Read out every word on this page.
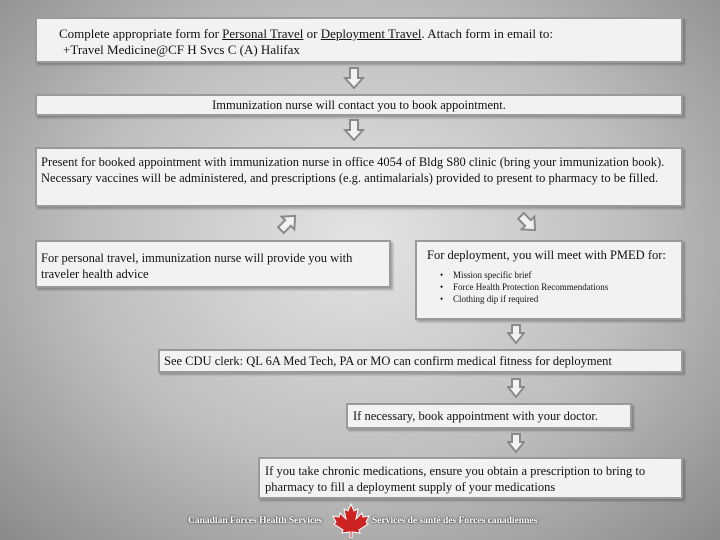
Complete appropriate form for Personal Travel or Deployment Travel. Attach form in email to:
+Travel Medicine@CF H Svcs C (A) Halifax
Immunization nurse will contact you to book appointment.
Present for booked appointment with immunization nurse in office 4054 of Bldg S80 clinic (bring your immunization book). Necessary vaccines will be administered, and prescriptions (e.g. antimalarials) provided to present to pharmacy to be filled.
For personal travel, immunization nurse will provide you with traveler health advice
For deployment, you will meet with PMED for:
• Mission specific brief
• Force Health Protection Recommendations
• Clothing dip if required
See CDU clerk: QL 6A Med Tech, PA or MO can confirm medical fitness for deployment
If necessary, book appointment with your doctor.
If you take chronic medications, ensure you obtain a prescription to bring to pharmacy to fill a deployment supply of your medications
Canadian Forces Health Services	Services de santé des Forces canadiennes
